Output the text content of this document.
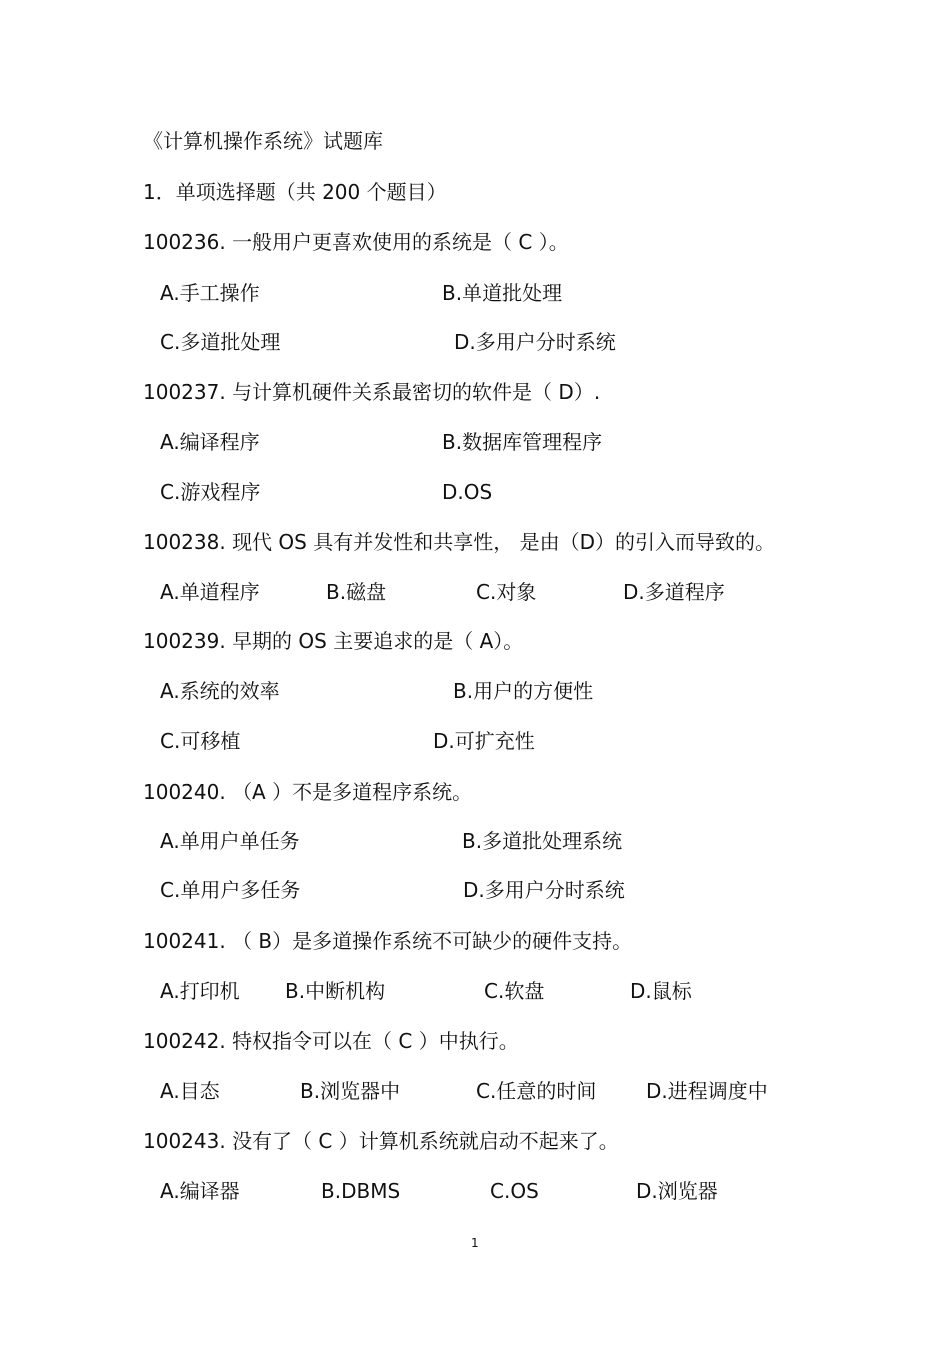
《计算机操作系统》试题库
1．单项选择题（共 200 个题目）
100236. 一般用户更喜欢使用的系统是（ C ）。
A.手工操作	B.单道批处理
C.多道批处理	D.多用户分时系统
100237. 与计算机硬件关系最密切的软件是（ D）.
A.编译程序	B.数据库管理程序
C.游戏程序	D.OS
100238. 现代 OS 具有并发性和共享性， 是由（D）的引入而导致的。
A.单道程序	B.磁盘	C.对象	D.多道程序
100239. 早期的 OS 主要追求的是（ A）。
A.系统的效率	B.用户的方便性
C.可移植	D.可扩充性
100240. （A ）不是多道程序系统。
A.单用户单任务	B.多道批处理系统
C.单用户多任务	D.多用户分时系统
100241. （ B）是多道操作系统不可缺少的硬件支持。
A.打印机 B.中断机构	C.软盘	D.鼠标
100242. 特权指令可以在（ C ）中执行。
A.目态	B.浏览器中	C.任意的时间 D.进程调度中
100243. 没有了（ C ）计算机系统就启动不起来了。
A.编译器	B.DBMS	C.OS	D.浏览器
1
